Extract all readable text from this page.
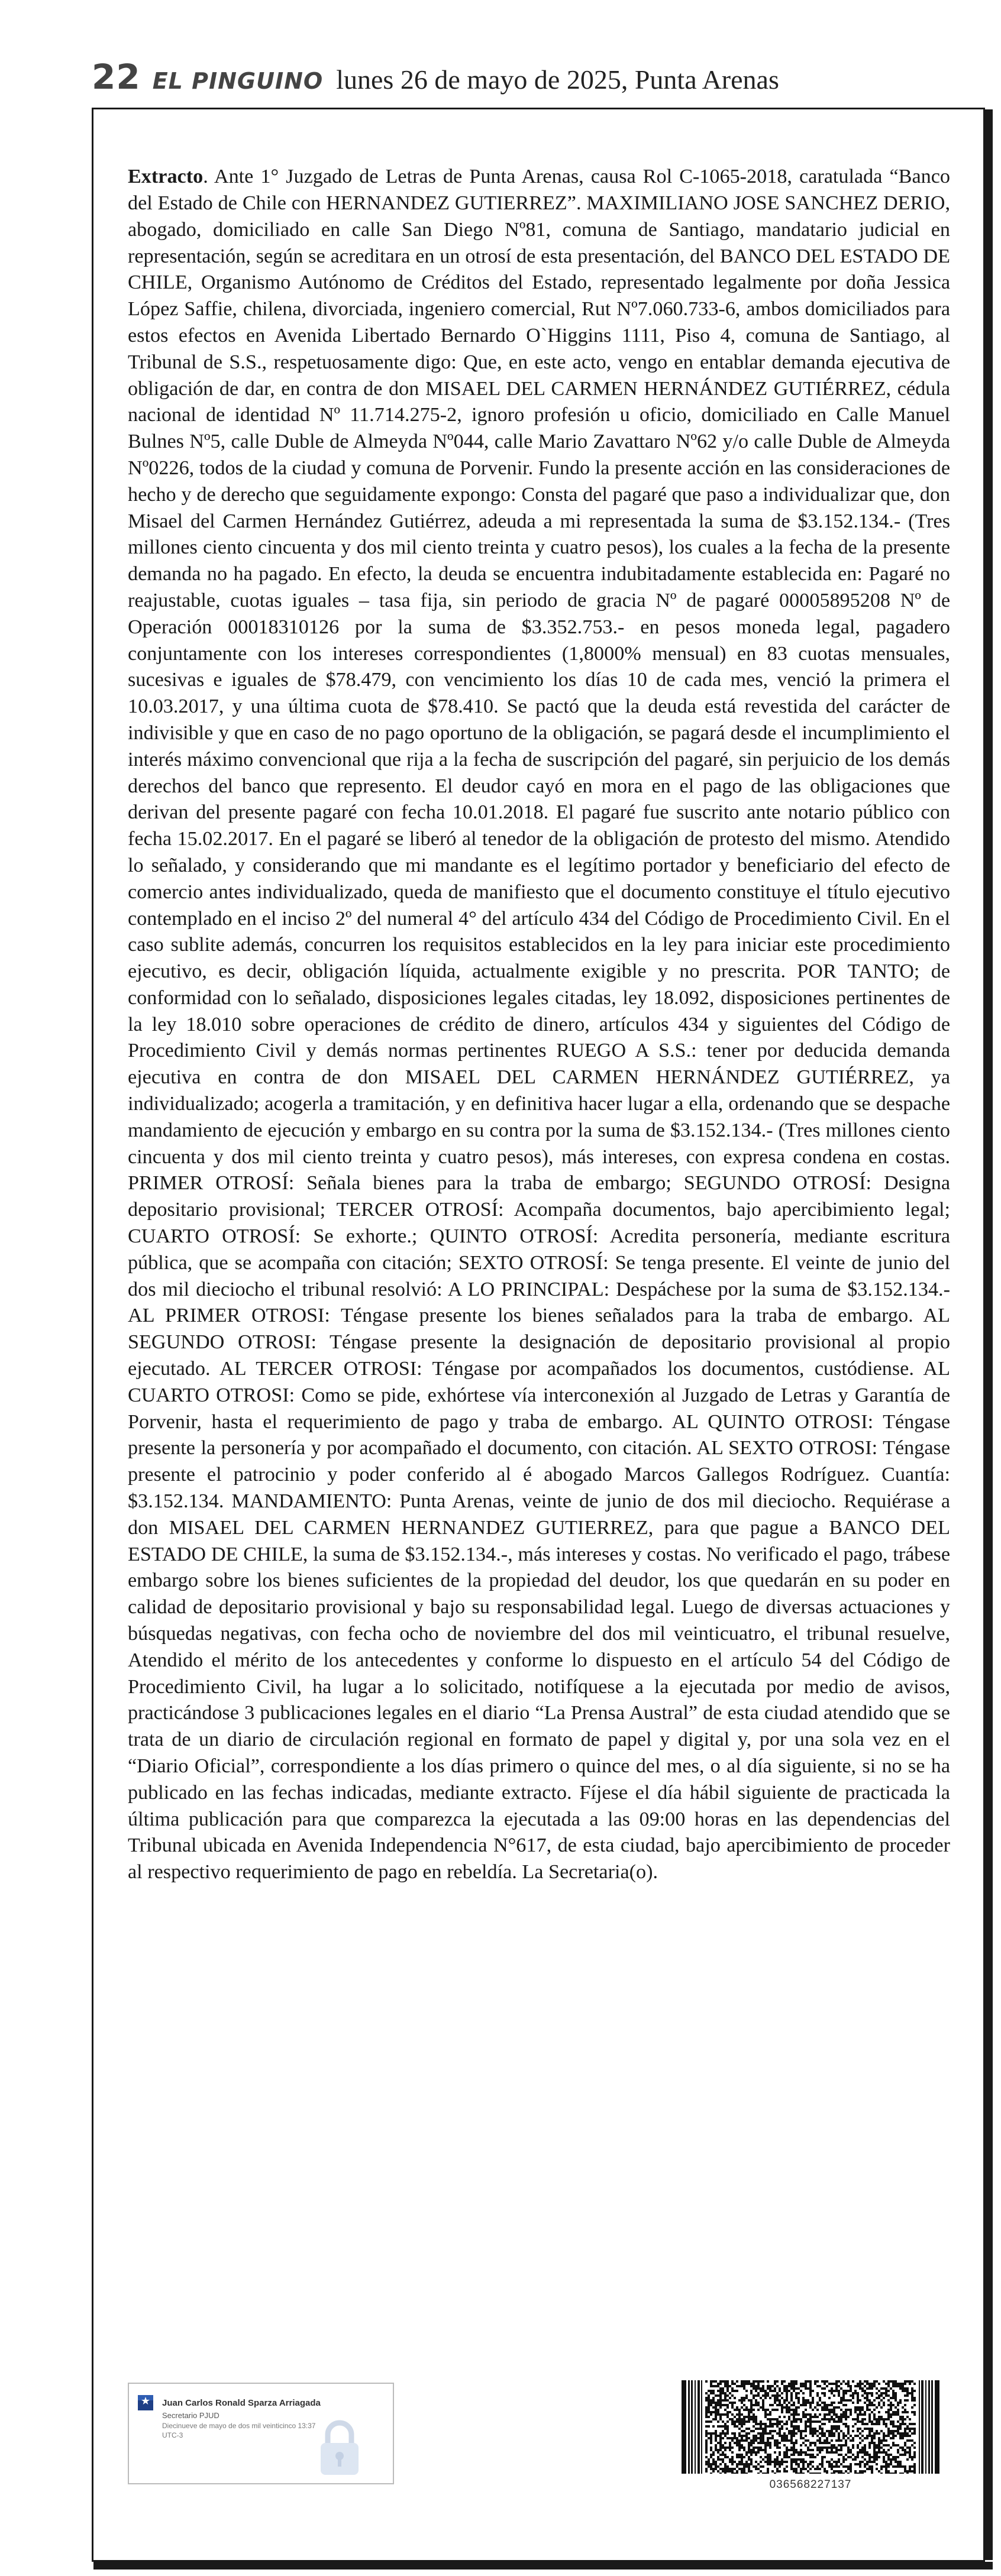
22 EL PINGUINO lunes 26 de mayo de 2025, Punta Arenas

Extracto. Ante 1° Juzgado de Letras de Punta Arenas, causa Rol C-1065-2018, caratulada “Banco del Estado de Chile con HERNANDEZ GUTIERREZ”. MAXIMILIANO JOSE SANCHEZ DERIO, abogado, domiciliado en calle San Diego Nº81, comuna de Santiago, mandatario judicial en representación, según se acreditara en un otrosí de esta presentación, del BANCO DEL ESTADO DE CHILE, Organismo Autónomo de Créditos del Estado, representado legalmente por doña Jessica López Saffie, chilena, divorciada, ingeniero comercial, Rut Nº7.060.733-6, ambos domiciliados para estos efectos en Avenida Libertado Bernardo O`Higgins 1111, Piso 4, comuna de Santiago, al Tribunal de S.S., respetuosamente digo: Que, en este acto, vengo en entablar demanda ejecutiva de obligación de dar, en contra de don MISAEL DEL CARMEN HERNÁNDEZ GUTIÉRREZ, cédula nacional de identidad Nº 11.714.275-2, ignoro profesión u oficio, domiciliado en Calle Manuel Bulnes Nº5, calle Duble de Almeyda Nº044, calle Mario Zavattaro Nº62 y/o calle Duble de Almeyda Nº0226, todos de la ciudad y comuna de Porvenir. Fundo la presente acción en las consideraciones de hecho y de derecho que seguidamente expongo: Consta del pagaré que paso a individualizar que, don Misael del Carmen Hernández Gutiérrez, adeuda a mi representada la suma de $3.152.134.- (Tres millones ciento cincuenta y dos mil ciento treinta y cuatro pesos), los cuales a la fecha de la presente demanda no ha pagado. En efecto, la deuda se encuentra indubitadamente establecida en: Pagaré no reajustable, cuotas iguales – tasa fija, sin periodo de gracia Nº de pagaré 00005895208 Nº de Operación 00018310126 por la suma de $3.352.753.- en pesos moneda legal, pagadero conjuntamente con los intereses correspondientes (1,8000% mensual) en 83 cuotas mensuales, sucesivas e iguales de $78.479, con vencimiento los días 10 de cada mes, venció la primera el 10.03.2017, y una última cuota de $78.410. Se pactó que la deuda está revestida del carácter de indivisible y que en caso de no pago oportuno de la obligación, se pagará desde el incumplimiento el interés máximo convencional que rija a la fecha de suscripción del pagaré, sin perjuicio de los demás derechos del banco que represento. El deudor cayó en mora en el pago de las obligaciones que derivan del presente pagaré con fecha 10.01.2018. El pagaré fue suscrito ante notario público con fecha 15.02.2017. En el pagaré se liberó al tenedor de la obligación de protesto del mismo. Atendido lo señalado, y considerando que mi mandante es el legítimo portador y beneficiario del efecto de comercio antes individualizado, queda de manifiesto que el documento constituye el título ejecutivo contemplado en el inciso 2º del numeral 4° del artículo 434 del Código de Procedimiento Civil. En el caso sublite además, concurren los requisitos establecidos en la ley para iniciar este procedimiento ejecutivo, es decir, obligación líquida, actualmente exigible y no prescrita. POR TANTO; de conformidad con lo señalado, disposiciones legales citadas, ley 18.092, disposiciones pertinentes de la ley 18.010 sobre operaciones de crédito de dinero, artículos 434 y siguientes del Código de Procedimiento Civil y demás normas pertinentes RUEGO A S.S.: tener por deducida demanda ejecutiva en contra de don MISAEL DEL CARMEN HERNÁNDEZ GUTIÉRREZ, ya individualizado; acogerla a tramitación, y en definitiva hacer lugar a ella, ordenando que se despache mandamiento de ejecución y embargo en su contra por la suma de $3.152.134.- (Tres millones ciento cincuenta y dos mil ciento treinta y cuatro pesos), más intereses, con expresa condena en costas. PRIMER OTROSÍ: Señala bienes para la traba de embargo; SEGUNDO OTROSÍ: Designa depositario provisional; TERCER OTROSÍ: Acompaña documentos, bajo apercibimiento legal; CUARTO OTROSÍ: Se exhorte.; QUINTO OTROSÍ: Acredita personería, mediante escritura pública, que se acompaña con citación; SEXTO OTROSÍ: Se tenga presente. El veinte de junio del dos mil dieciocho el tribunal resolvió: A LO PRINCIPAL: Despáchese por la suma de $3.152.134.- AL PRIMER OTROSI: Téngase presente los bienes señalados para la traba de embargo. AL SEGUNDO OTROSI: Téngase presente la designación de depositario provisional al propio ejecutado. AL TERCER OTROSI: Téngase por acompañados los documentos, custódiense. AL CUARTO OTROSI: Como se pide, exhórtese vía interconexión al Juzgado de Letras y Garantía de Porvenir, hasta el requerimiento de pago y traba de embargo. AL QUINTO OTROSI: Téngase presente la personería y por acompañado el documento, con citación. AL SEXTO OTROSI: Téngase presente el patrocinio y poder conferido al é abogado Marcos Gallegos Rodríguez. Cuantía: $3.152.134. MANDAMIENTO: Punta Arenas, veinte de junio de dos mil dieciocho. Requiérase a don MISAEL DEL CARMEN HERNANDEZ GUTIERREZ, para que pague a BANCO DEL ESTADO DE CHILE, la suma de $3.152.134.-, más intereses y costas. No verificado el pago, trábese embargo sobre los bienes suficientes de la propiedad del deudor, los que quedarán en su poder en calidad de depositario provisional y bajo su responsabilidad legal. Luego de diversas actuaciones y búsquedas negativas, con fecha ocho de noviembre del dos mil veinticuatro, el tribunal resuelve, Atendido el mérito de los antecedentes y conforme lo dispuesto en el artículo 54 del Código de Procedimiento Civil, ha lugar a lo solicitado, notifíquese a la ejecutada por medio de avisos, practicándose 3 publicaciones legales en el diario “La Prensa Austral” de esta ciudad atendido que se trata de un diario de circulación regional en formato de papel y digital y, por una sola vez en el “Diario Oficial”, correspondiente a los días primero o quince del mes, o al día siguiente, si no se ha publicado en las fechas indicadas, mediante extracto. Fíjese el día hábil siguiente de practicada la última publicación para que comparezca la ejecutada a las 09:00 horas en las dependencias del Tribunal ubicada en Avenida Independencia N°617, de esta ciudad, bajo apercibimiento de proceder al respectivo requerimiento de pago en rebeldía. La Secretaria(o).

Juan Carlos Ronald Sparza Arriagada
Secretario PJUD
Diecinueve de mayo de dos mil veinticinco 13:37
UTC-3
036568227137
